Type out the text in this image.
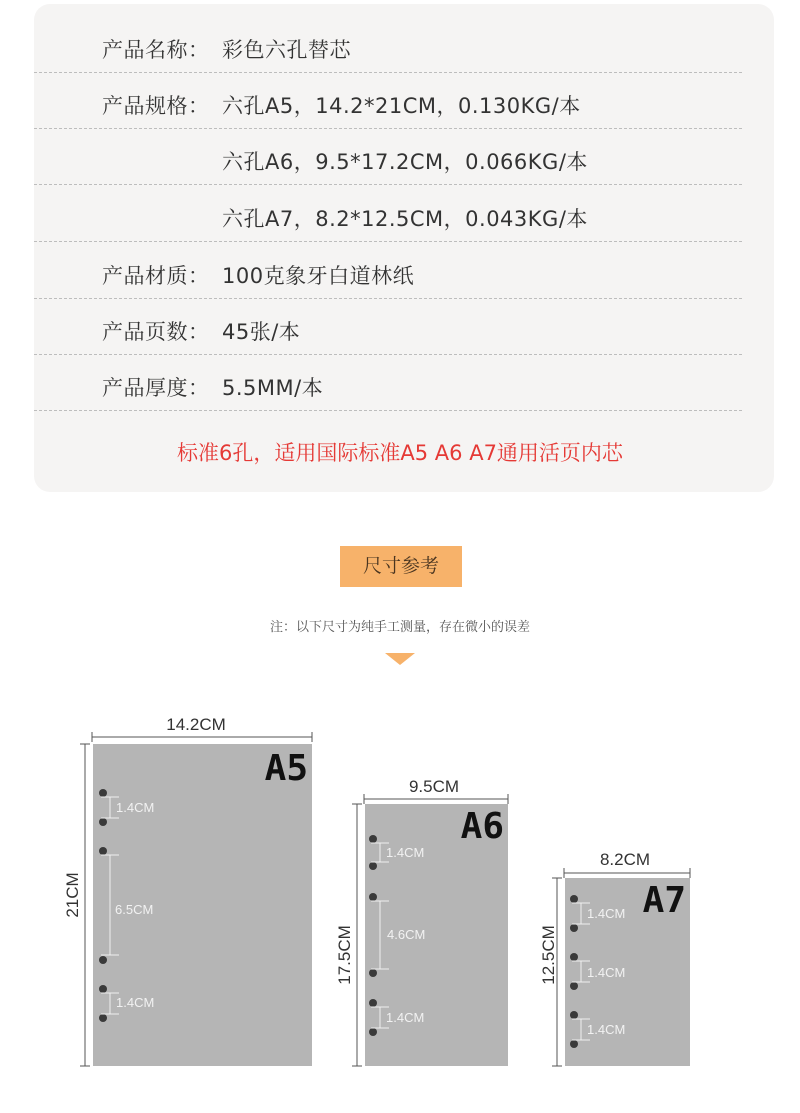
产品名称： 彩色六孔替芯
产品规格： 六孔A5，14.2*21CM，0.130KG/本
六孔A6，9.5*17.2CM，0.066KG/本
六孔A7，8.2*12.5CM，0.043KG/本
产品材质： 100克象牙白道林纸
产品页数： 45张/本
产品厚度： 5.5MM/本
标准6孔，适用国际标准A5 A6 A7通用活页内芯
尺寸参考
注：以下尺寸为纯手工测量，存在微小的误差
14.2CM
21CM
A5
1.4CM
6.5CM
1.4CM
9.5CM
17.5CM
A6
1.4CM
4.6CM
1.4CM
8.2CM
12.5CM
A7
1.4CM
1.4CM
1.4CM
